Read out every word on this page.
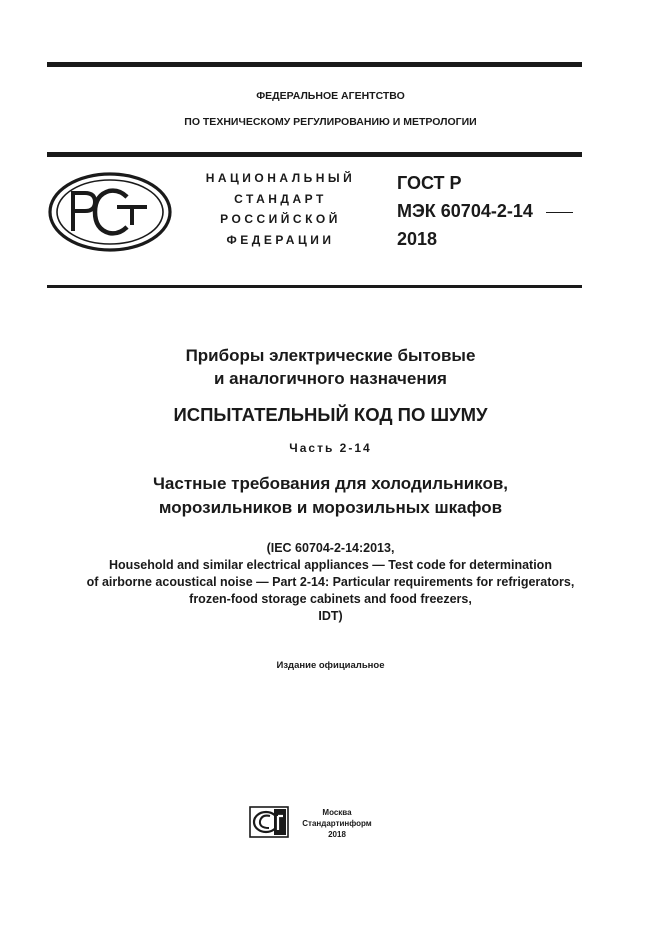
ФЕДЕРАЛЬНОЕ АГЕНТСТВО
ПО ТЕХНИЧЕСКОМУ РЕГУЛИРОВАНИЮ И МЕТРОЛОГИИ
НАЦИОНАЛЬНЫЙ
СТАНДАРТ
РОССИЙСКОЙ
ФЕДЕРАЦИИ
ГОСТ Р
МЭК 60704-2-14
2018
Приборы электрические бытовые
и аналогичного назначения
ИСПЫТАТЕЛЬНЫЙ КОД ПО ШУМУ
Часть 2-14
Частные требования для холодильников,
морозильников и морозильных шкафов
(IEC 60704-2-14:2013,
Household and similar electrical appliances — Test code for determination
of airborne acoustical noise — Part 2-14: Particular requirements for refrigerators,
frozen-food storage cabinets and food freezers,
IDT)
Издание официальное
Москва
Стандартинформ
2018
